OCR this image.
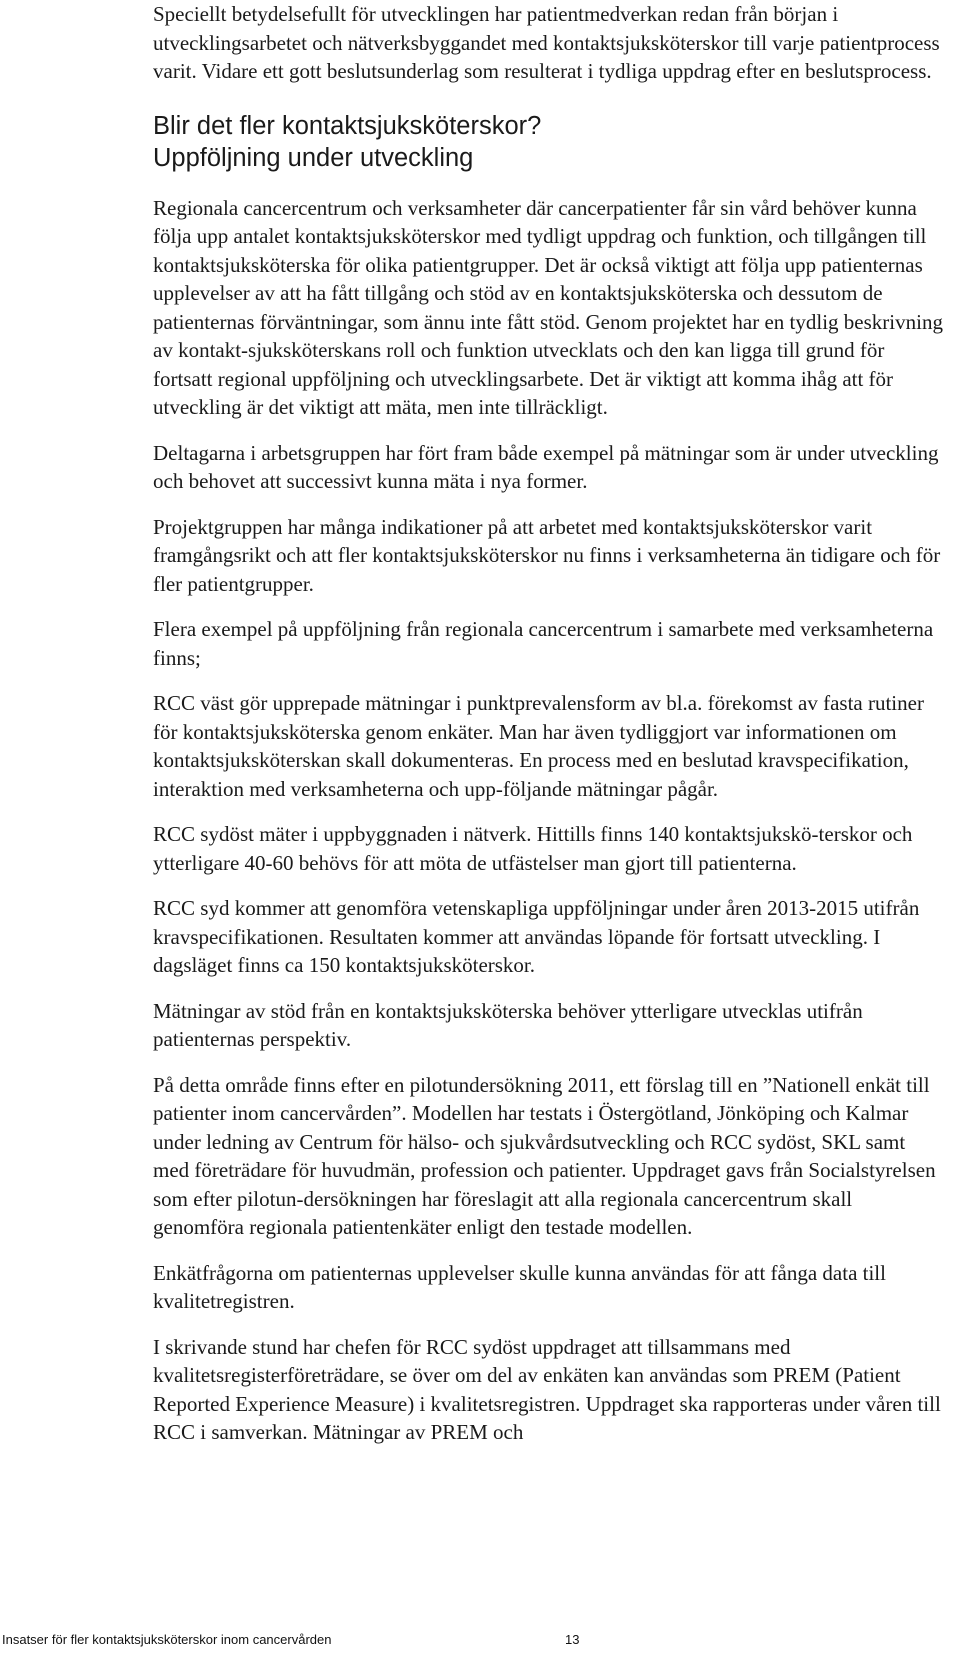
Speciellt betydelsefullt för utvecklingen har patientmedverkan redan från början i utvecklingsarbetet och nätverksbyggandet med kontaktsjuksköterskor till varje patientprocess varit. Vidare ett gott beslutsunderlag som resulterat i tydliga uppdrag efter en beslutsprocess.

Blir det fler kontaktsjuksköterskor?
Uppföljning under utveckling

Regionala cancercentrum och verksamheter där cancerpatienter får sin vård behöver kunna följa upp antalet kontaktsjuksköterskor med tydligt uppdrag och funktion, och tillgången till kontaktsjuksköterska för olika patientgrupper. Det är också viktigt att följa upp patienternas upplevelser av att ha fått tillgång och stöd av en kontaktsjuksköterska och dessutom de patienternas förväntningar, som ännu inte fått stöd. Genom projektet har en tydlig beskrivning av kontakt-sjuksköterskans roll och funktion utvecklats och den kan ligga till grund för fortsatt regional uppföljning och utvecklingsarbete. Det är viktigt att komma ihåg att för utveckling är det viktigt att mäta, men inte tillräckligt.

Deltagarna i arbetsgruppen har fört fram både exempel på mätningar som är under utveckling och behovet att successivt kunna mäta i nya former.

Projektgruppen har många indikationer på att arbetet med kontaktsjuksköterskor varit framgångsrikt och att fler kontaktsjuksköterskor nu finns i verksamheterna än tidigare och för fler patientgrupper.

Flera exempel på uppföljning från regionala cancercentrum i samarbete med verksamheterna finns;

RCC väst gör upprepade mätningar i punktprevalensform av bl.a. förekomst av fasta rutiner för kontaktsjuksköterska genom enkäter. Man har även tydliggjort var informationen om kontaktsjuksköterskan skall dokumenteras. En process med en beslutad kravspecifikation, interaktion med verksamheterna och upp-följande mätningar pågår.

RCC sydöst mäter i uppbyggnaden i nätverk. Hittills finns 140 kontaktsjukskö-terskor och ytterligare 40-60 behövs för att möta de utfästelser man gjort till patienterna.

RCC syd kommer att genomföra vetenskapliga uppföljningar under åren 2013-2015 utifrån kravspecifikationen. Resultaten kommer att användas löpande för fortsatt utveckling. I dagsläget finns ca 150 kontaktsjuksköterskor.

Mätningar av stöd från en kontaktsjuksköterska behöver ytterligare utvecklas utifrån patienternas perspektiv.

På detta område finns efter en pilotundersökning 2011, ett förslag till en ”Nationell enkät till patienter inom cancervården”. Modellen har testats i Östergötland, Jönköping och Kalmar under ledning av Centrum för hälso- och sjukvårdsutveckling och RCC sydöst, SKL samt med företrädare för huvudmän, profession och patienter. Uppdraget gavs från Socialstyrelsen som efter pilotun-dersökningen har föreslagit att alla regionala cancercentrum skall genomföra regionala patientenkäter enligt den testade modellen.

Enkätfrågorna om patienternas upplevelser skulle kunna användas för att fånga data till kvalitetregistren.

I skrivande stund har chefen för RCC sydöst uppdraget att tillsammans med kvalitetsregisterföreträdare, se över om del av enkäten kan användas som PREM (Patient Reported Experience Measure) i kvalitetsregistren. Uppdraget ska rapporteras under våren till RCC i samverkan. Mätningar av PREM och

Insatser för fler kontaktsjuksköterskor inom cancervården	13
